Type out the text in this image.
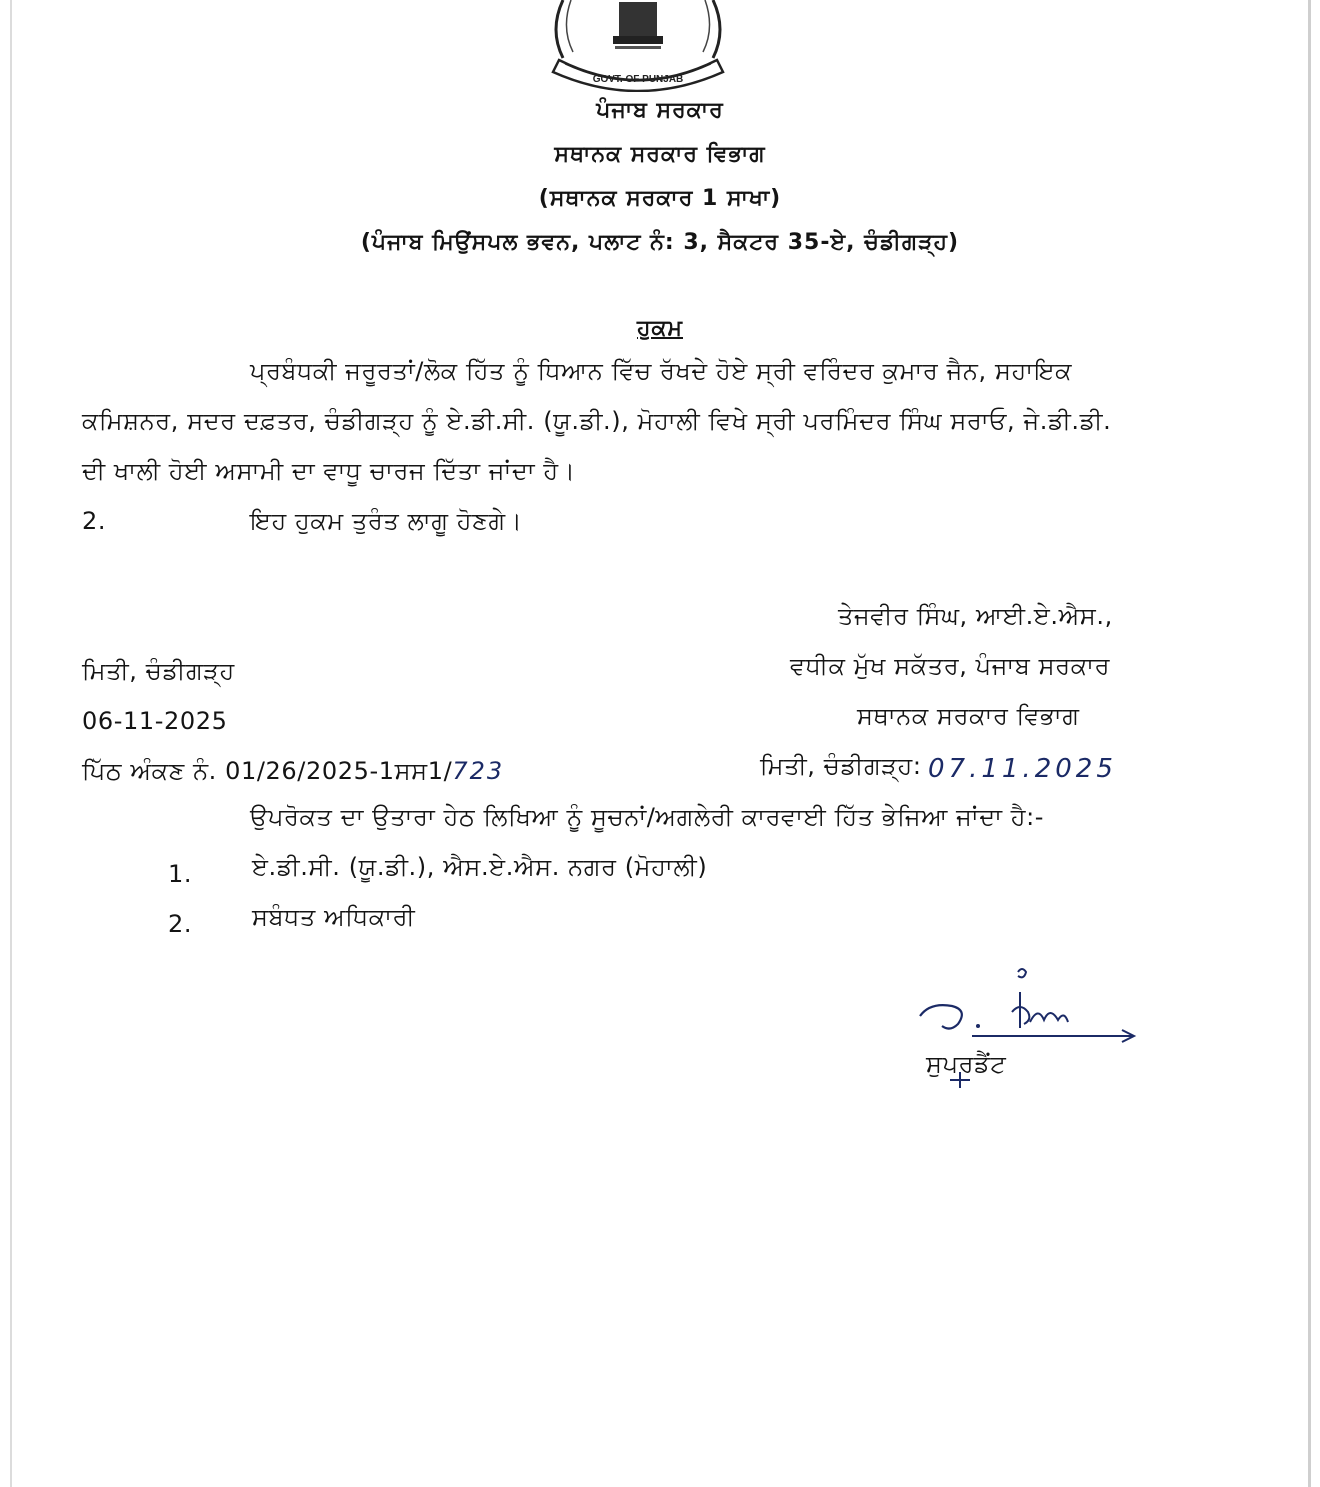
GOVT. OF PUNJAB
ਪੰਜਾਬ ਸਰਕਾਰ
ਸਥਾਨਕ ਸਰਕਾਰ ਵਿਭਾਗ
(ਸਥਾਨਕ ਸਰਕਾਰ 1 ਸਾਖਾ)
(ਪੰਜਾਬ ਮਿਉਂਸਪਲ ਭਵਨ, ਪਲਾਟ ਨੰ: 3, ਸੈਕਟਰ 35-ਏ, ਚੰਡੀਗੜ੍ਹ)
ਹੁਕਮ
ਪ੍ਰਬੰਧਕੀ ਜਰੂਰਤਾਂ/ਲੋਕ ਹਿੱਤ ਨੂੰ ਧਿਆਨ ਵਿੱਚ ਰੱਖਦੇ ਹੋਏ ਸ੍ਰੀ ਵਰਿੰਦਰ ਕੁਮਾਰ ਜੈਨ, ਸਹਾਇਕ
ਕਮਿਸ਼ਨਰ, ਸਦਰ ਦਫ਼ਤਰ, ਚੰਡੀਗੜ੍ਹ ਨੂੰ ਏ.ਡੀ.ਸੀ. (ਯੂ.ਡੀ.), ਮੋਹਾਲੀ ਵਿਖੇ ਸ੍ਰੀ ਪਰਮਿੰਦਰ ਸਿੰਘ ਸਰਾਓ, ਜੇ.ਡੀ.ਡੀ.
ਦੀ ਖਾਲੀ ਹੋਈ ਅਸਾਮੀ ਦਾ ਵਾਧੂ ਚਾਰਜ ਦਿੱਤਾ ਜਾਂਦਾ ਹੈ।
2.	ਇਹ ਹੁਕਮ ਤੁਰੰਤ ਲਾਗੂ ਹੋਣਗੇ।
ਤੇਜਵੀਰ ਸਿੰਘ, ਆਈ.ਏ.ਐਸ.,
ਵਧੀਕ ਮੁੱਖ ਸਕੱਤਰ, ਪੰਜਾਬ ਸਰਕਾਰ
ਸਥਾਨਕ ਸਰਕਾਰ ਵਿਭਾਗ
ਮਿਤੀ, ਚੰਡੀਗੜ੍ਹ
06-11-2025
ਪਿੱਠ ਅੰਕਣ ਨੰ. 01/26/2025-1ਸਸ1/723	ਮਿਤੀ, ਚੰਡੀਗੜ੍ਹ: 07.11.2025
ਉਪਰੋਕਤ ਦਾ ਉਤਾਰਾ ਹੇਠ ਲਿਖਿਆ ਨੂੰ ਸੂਚਨਾਂ/ਅਗਲੇਰੀ ਕਾਰਵਾਈ ਹਿੱਤ ਭੇਜਿਆ ਜਾਂਦਾ ਹੈ:-
1. ਏ.ਡੀ.ਸੀ. (ਯੂ.ਡੀ.), ਐਸ.ਏ.ਐਸ. ਨਗਰ (ਮੋਹਾਲੀ)
2. ਸਬੰਧਤ ਅਧਿਕਾਰੀ
ਸੁਪਰਡੈਂਟ
